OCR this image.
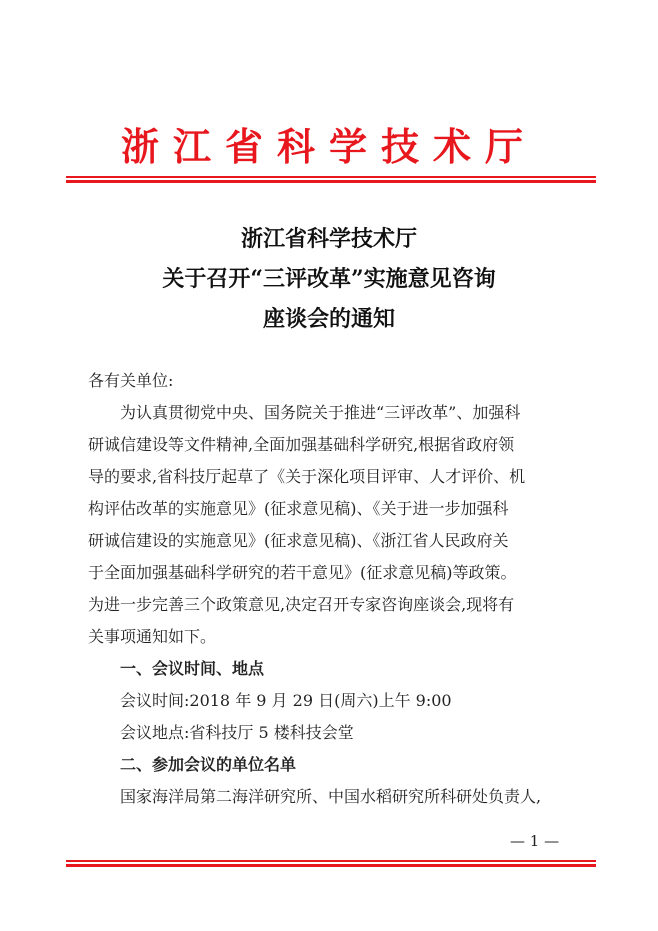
浙江省科学技术厅
浙江省科学技术厅
关于召开“三评改革”实施意见咨询
座谈会的通知
各有关单位:
为认真贯彻党中央、国务院关于推进“三评改革”、加强科
研诚信建设等文件精神,全面加强基础科学研究,根据省政府领
导的要求,省科技厅起草了《关于深化项目评审、人才评价、机
构评估改革的实施意见》(征求意见稿)、《关于进一步加强科
研诚信建设的实施意见》(征求意见稿)、《浙江省人民政府关
于全面加强基础科学研究的若干意见》(征求意见稿)等政策。
为进一步完善三个政策意见,决定召开专家咨询座谈会,现将有
关事项通知如下。
一、会议时间、地点
会议时间:2018 年 9 月 29 日(周六)上午 9:00
会议地点:省科技厅 5 楼科技会堂
二、参加会议的单位名单
国家海洋局第二海洋研究所、中国水稻研究所科研处负责人,
— 1 —
